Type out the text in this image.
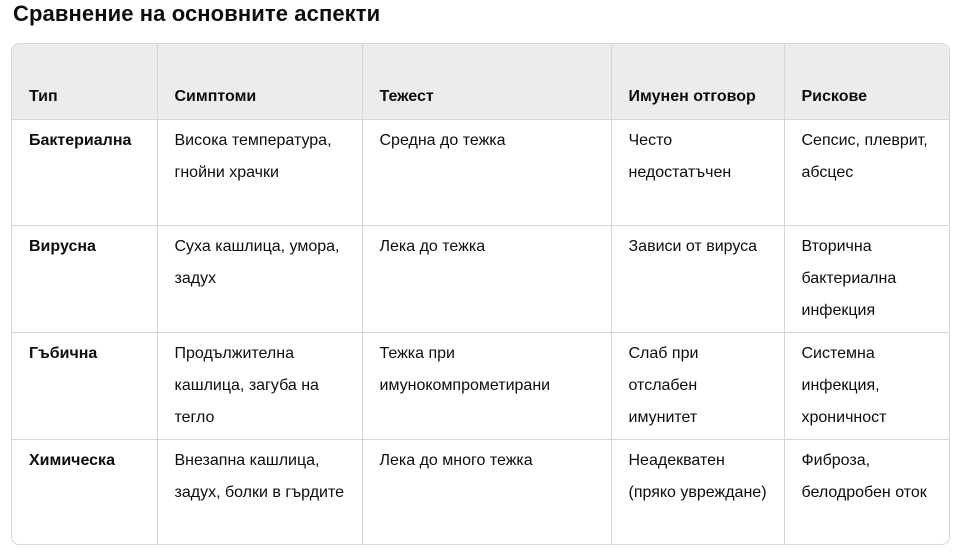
Сравнение на основните аспекти
Тип	Симптоми	Тежест	Имунен отговор	Рискове
Бактериална	Висока температура, гнойни храчки	Средна до тежка	Често недостатъчен	Сепсис, плеврит, абсцес
Вирусна	Суха кашлица, умора, задух	Лека до тежка	Зависи от вируса	Вторична бактериална инфекция
Гъбична	Продължителна кашлица, загуба на тегло	Тежка при имунокомпрометирани	Слаб при отслабен имунитет	Системна инфекция, хроничност
Химическа	Внезапна кашлица, задух, болки в гърдите	Лека до много тежка	Неадекватен (пряко увреждане)	Фиброза, белодробен оток
